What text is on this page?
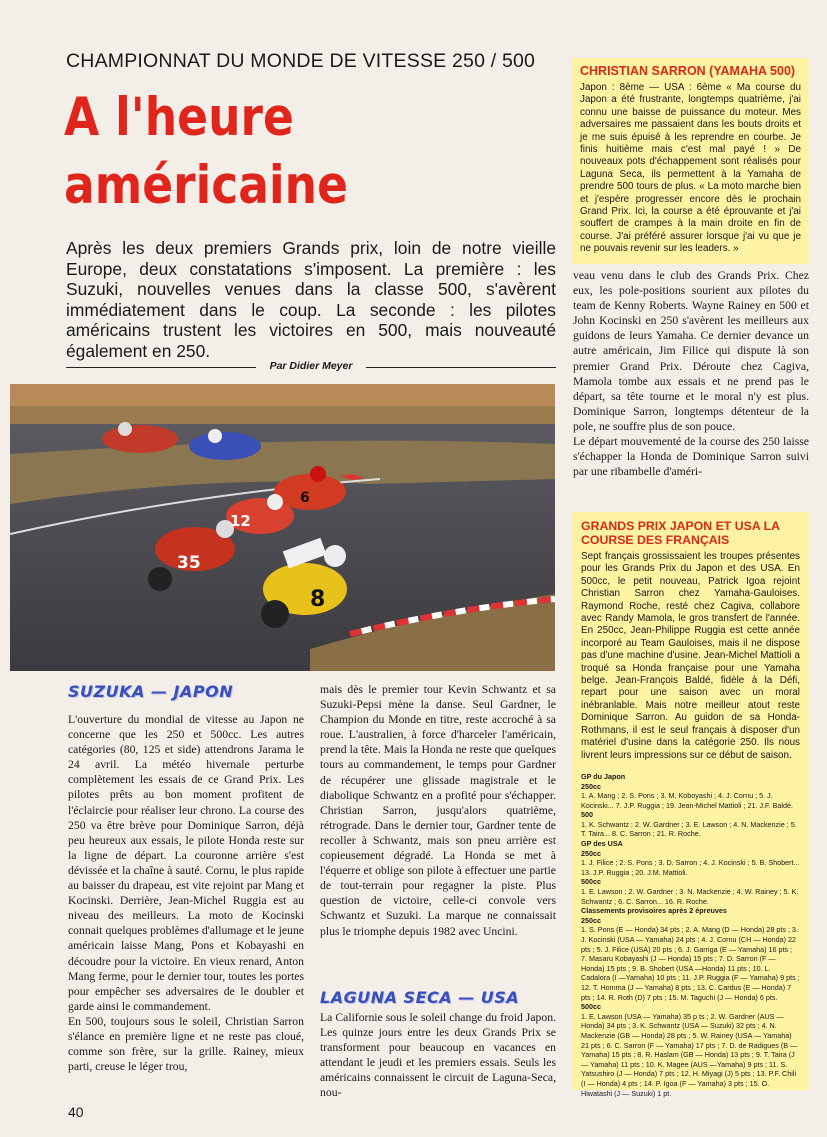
CHAMPIONNAT DU MONDE DE VITESSE 250 / 500
A l'heure américaine
Après les deux premiers Grands prix, loin de notre vieille Europe, deux constatations s'imposent. La première : les Suzuki, nouvelles venues dans la classe 500, s'avèrent immédiatement dans le coup. La seconde : les pilotes américains trustent les victoires en 500, mais nouveauté également en 250.
Par Didier Meyer
6
12
35
8
SUZUKA — JAPON

L'ouverture du mondial de vitesse au Japon ne concerne que les 250 et 500cc. Les autres catégories (80, 125 et side) attendrons Jarama le 24 avril. La météo hivernale perturbe complètement les essais de ce Grand Prix. Les pilotes prêts au bon moment profitent de l'éclaircie pour réaliser leur chrono. La course des 250 va être brève pour Dominique Sarron, déjà peu heureux aux essais, le pilote Honda reste sur la ligne de départ. La couronne arrière s'est dévissée et la chaîne à sauté. Cornu, le plus rapide au baisser du drapeau, est vite rejoint par Mang et Kocinski. Derrière, Jean-Michel Ruggia est au niveau des meilleurs. La moto de Kocinski connait quelques problèmes d'allumage et le jeune américain laisse Mang, Pons et Kobayashi en découdre pour la victoire. En vieux renard, Anton Mang ferme, pour le dernier tour, toutes les portes pour empêcher ses adversaires de le doubler et garde ainsi le commandement.

En 500, toujours sous le soleil, Christian Sarron s'élance en première ligne et ne reste pas cloué, comme son frère, sur la grille. Rainey, mieux parti, creuse le léger trou,

mais dès le premier tour Kevin Schwantz et sa Suzuki-Pepsi mène la danse. Seul Gardner, le Champion du Monde en titre, reste accroché à sa roue. L'australien, à force d'harceler l'américain, prend la tête. Mais la Honda ne reste que quelques tours au commandement, le temps pour Gardner de récupérer une glissade magistrale et le diabolique Schwantz en a profité pour s'échapper. Christian Sarron, jusqu'alors quatrième, rétrograde. Dans le dernier tour, Gardner tente de recoller à Schwantz, mais son pneu arrière est copieusement dégradé. La Honda se met à l'équerre et oblige son pilote à effectuer une partie de tout-terrain pour regagner la piste. Plus question de victoire, celle-ci convole vers Schwantz et Suzuki. La marque ne connaissait plus le triomphe depuis 1982 avec Uncini.

LAGUNA SECA — USA

La Californie sous le soleil change du froid Japon. Les quinze jours entre les deux Grands Prix se transforment pour beaucoup en vacances en attendant le jeudi et les premiers essais. Seuls les américains connaissent le circuit de Laguna-Seca, nou-

veau venu dans le club des Grands Prix. Chez eux, les pole-positions sourient aux pilotes du team de Kenny Roberts. Wayne Rainey en 500 et John Kocinski en 250 s'avèrent les meilleurs aux guidons de leurs Yamaha. Ce dernier devance un autre américain, Jim Filice qui dispute là son premier Grand Prix. Déroute chez Cagiva, Mamola tombe aux essais et ne prend pas le départ, sa tête tourne et le moral n'y est plus. Dominique Sarron, longtemps détenteur de la pole, ne souffre plus de son pouce.

Le départ mouvementé de la course des 250 laisse s'échapper la Honda de Dominique Sarron suivi par une ribambelle d'améri-

CHRISTIAN SARRON (YAMAHA 500)
Japon : 8ème — USA : 6ème « Ma course du Japon a été frustrante, longtemps quatrième, j'ai connu une baisse de puissance du moteur. Mes adversaires me passaient dans les bouts droits et je me suis épuisé à les reprendre en courbe. Je finis huitième mais c'est mal payé ! » De nouveaux pots d'échappement sont réalisés pour Laguna Seca, ils permettent à la Yamaha de prendre 500 tours de plus. « La moto marche bien et j'espère progresser encore dès le prochain Grand Prix. Ici, la course a été éprouvante et j'ai souffert de crampes à la main droite en fin de course. J'ai préféré assurer lorsque j'ai vu que je ne pouvais revenir sur les leaders. »
GRANDS PRIX JAPON ET USA LA COURSE DES FRANÇAIS
Sept français grossissaient les troupes présentes pour les Grands Prix du Japon et des USA. En 500cc, le petit nouveau, Patrick Igoa rejoint Christian Sarron chez Yamaha-Gauloises. Raymond Roche, resté chez Cagiva, collabore avec Randy Mamola, le gros transfert de l'année. En 250cc, Jean-Philippe Ruggia est cette année incorporé au Team Gauloises, mais il ne dispose pas d'une machine d'usine. Jean-Michel Mattioli a troqué sa Honda française pour une Yamaha belge. Jean-François Baldé, fidèle à la Défi, repart pour une saison avec un moral inébranlable. Mais notre meilleur atout reste Dominique Sarron. Au guidon de sa Honda-Rothmans, il est le seul français à disposer d'un matériel d'usine dans la catégorie 250. Ils nous livrent leurs impressions sur ce début de saison.
GP du Japon
250cc
1. A. Mang ; 2. S. Pons ; 3. M. Koboyashi ; 4. J. Cornu ; 5. J. Kocinski... 7. J.P. Ruggia ; 19. Jean-Michel Mattioli ; 21. J.F. Baldé.
500
1. K. Schwantz ; 2. W. Gardner ; 3. E. Lawson ; 4. N. Mackenzie ; 5. T. Taira... 8. C. Sarron ; 21. R. Roche.
GP des USA
250cc
1. J. Filice ; 2. S. Pons ; 3. D. Sarron ; 4. J. Kocinski ; 5. B. Shobert... 13. J.P. Ruggia ; 20. J.M. Mattioli.
500cc
1. E. Lawson ; 2. W. Gardner ; 3. N. Mackenzie ; 4. W. Rainey ; 5. K. Schwantz ; 6. C. Sarron... 16. R. Roche.
Classements provisoires après 2 épreuves
250cc
1. S. Pons (E — Honda) 34 pts ; 2. A. Mang (D — Honda) 28 pts ; 3. J. Kocinski (USA — Yamaha) 24 pts ; 4. J. Cornu (CH — Honda) 22 pts ; 5. J. Filice (USA) 20 pts ; 6. J. Garriga (E — Yamaha) 16 pts ; 7. Masaru Kobayashi (J — Honda) 15 pts ; 7. D. Sarron (F — Honda) 15 pts ; 9. B. Shobert (USA —Honda) 11 pts ; 10. L. Cadalora (I —Yamaha) 10 pts ; 11. J.P. Ruggia (F — Yamaha) 9 pts ; 12. T. Homma (J — Yamaha) 8 pts ; 13. C. Cardus (E — Honda) 7 pts ; 14. R. Roth (D) 7 pts ; 15. M. Taguchi (J — Honda) 6 pts.
500cc
1. E. Lawson (USA — Yamaha) 35 p ts ; 2. W. Gardner (AUS —Honda) 34 pts ; 3. K. Schwantz (USA — Suzuki) 32 pts ; 4. N. Mackenzie (GB — Honda) 28 pts ; 5. W. Rainey (USA — Yamaha) 21 pts ; 6. C. Sarron (F — Yamaha) 17 pts ; 7. D. de Radigues (B — Yamaha) 15 pts ; 8. R. Haslam (GB — Honda) 13 pts ; 9. T. Taira (J — Yamaha) 11 pts ; 10. K. Magee (AUS —Yamaha) 9 pts ; 11. S. Yatsushiro (J — Honda) 7 pts ; 12. H. Miyagi (J) 5 pts ; 13. P.F. Chili (I — Honda) 4 pts ; 14. P. Igoa (F — Yamaha) 3 pts ; 15. O. Hiwatashi (J — Suzuki) 1 pt.
40
